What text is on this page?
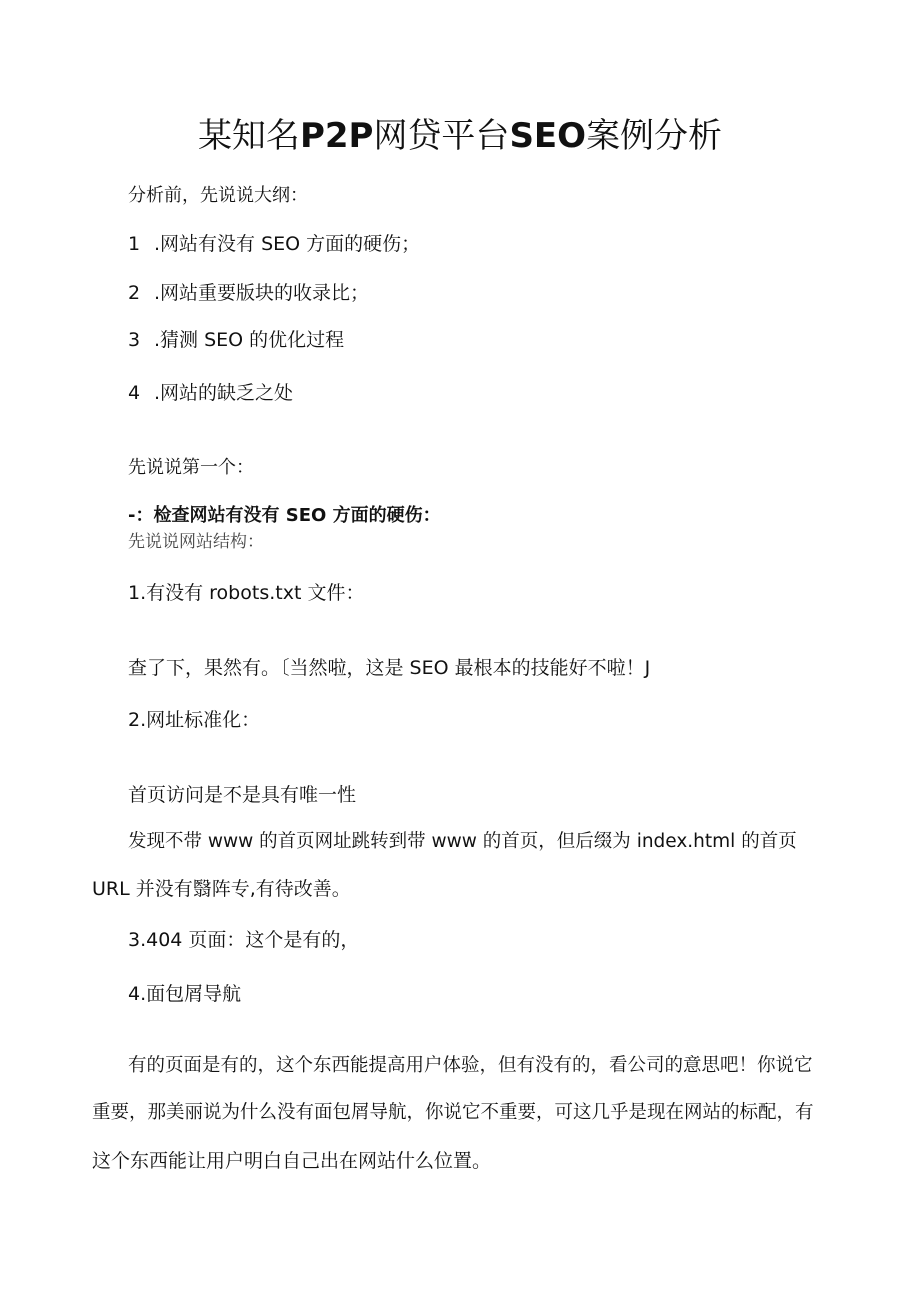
某知名P2P网贷平台SEO案例分析
分析前，先说说大纲：
1 .网站有没有 SEO 方面的硬伤；
2 .网站重要版块的收录比；
3 .猜测 SEO 的优化过程
4 .网站的缺乏之处
先说说第一个：
-：检查网站有没有 SEO 方面的硬伤：
先说说网站结构：
1.有没有 robots.txt 文件：
查了下，果然有。〔当然啦，这是 SEO 最根本的技能好不啦！J
2.网址标准化：
首页访问是不是具有唯一性
发现不带 www 的首页网址跳转到带 www 的首页，但后缀为 index.html 的首页
URL 并没有翳阵专,有待改善。
3.404 页面：这个是有的，
4.面包屑导航
有的页面是有的，这个东西能提高用户体验，但有没有的，看公司的意思吧！你说它
重要，那美丽说为什么没有面包屑导航，你说它不重要，可这几乎是现在网站的标配，有
这个东西能让用户明白自己出在网站什么位置。
